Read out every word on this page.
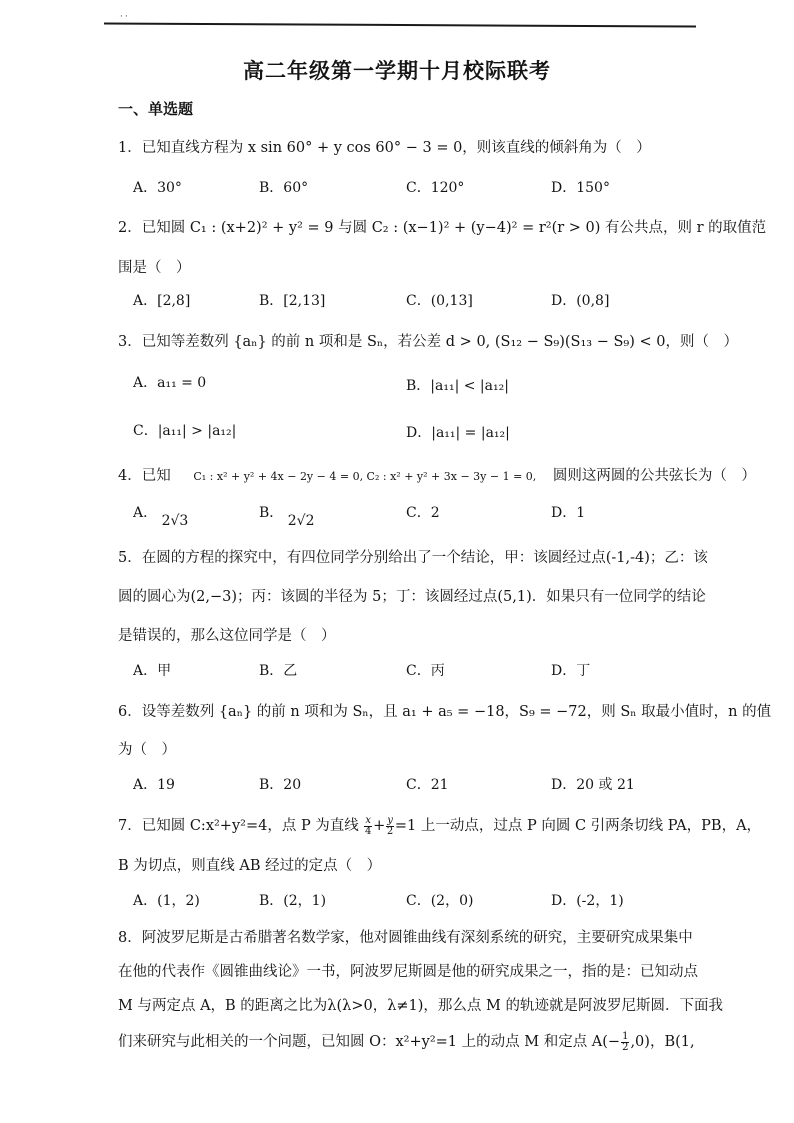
··
高二年级第一学期十月校际联考
一、单选题
1．已知直线方程为 x sin 60° + y cos 60° − 3 = 0，则该直线的倾斜角为（　）
A．30°	B．60°	C．120°	D．150°
2．已知圆 C₁ : (x+2)² + y² = 9 与圆 C₂ : (x−1)² + (y−4)² = r²(r > 0) 有公共点，则 r 的取值范
围是（　）
A．[2,8]	B．[2,13]	C．(0,13]	D．(0,8]
3．已知等差数列 {aₙ} 的前 n 项和是 Sₙ，若公差 d > 0, (S₁₂ − S₉)(S₁₃ − S₉) < 0，则（　）
A．a₁₁ = 0	B．|a₁₁| < |a₁₂|
C．|a₁₁| > |a₁₂|	D．|a₁₁| = |a₁₂|
4．已知 C₁ : x² + y² + 4x − 2y − 4 = 0, C₂ : x² + y² + 3x − 3y − 1 = 0, 圆则这两圆的公共弦长为（　）
A． 2√3	B． 2√2	C．2	D．1
5．在圆的方程的探究中，有四位同学分别给出了一个结论，甲：该圆经过点(-1,-4)；乙：该
圆的圆心为(2,−3)；丙：该圆的半径为 5；丁：该圆经过点(5,1)．如果只有一位同学的结论
是错误的，那么这位同学是（　）
A．甲	B．乙	C．丙	D．丁
6．设等差数列 {aₙ} 的前 n 项和为 Sₙ，且 a₁ + a₅ = −18，S₉ = −72，则 Sₙ 取最小值时，n 的值
为（　）
A．19	B．20	C．21	D．20 或 21
7．已知圆 C:x²+y²=4，点 P 为直线 $\frac{x}{4} + \frac{y}{2} =1$ 上一动点，过点 P 向圆 C 引两条切线 PA，PB，A，
B 为切点，则直线 AB 经过的定点（　）
A．(1，2)	B．(2，1)	C．(2，0)	D．(-2，1)
8．阿波罗尼斯是古希腊著名数学家，他对圆锥曲线有深刻系统的研究，主要研究成果集中
在他的代表作《圆锥曲线论》一书，阿波罗尼斯圆是他的研究成果之一，指的是：已知动点
M 与两定点 A，B 的距离之比为λ(λ>0，λ≠1)，那么点 M 的轨迹就是阿波罗尼斯圆．下面我
们来研究与此相关的一个问题，已知圆 O：x²+y²=1 上的动点 M 和定点 $A(- \frac{1}{2} ,0)$，B(1,
